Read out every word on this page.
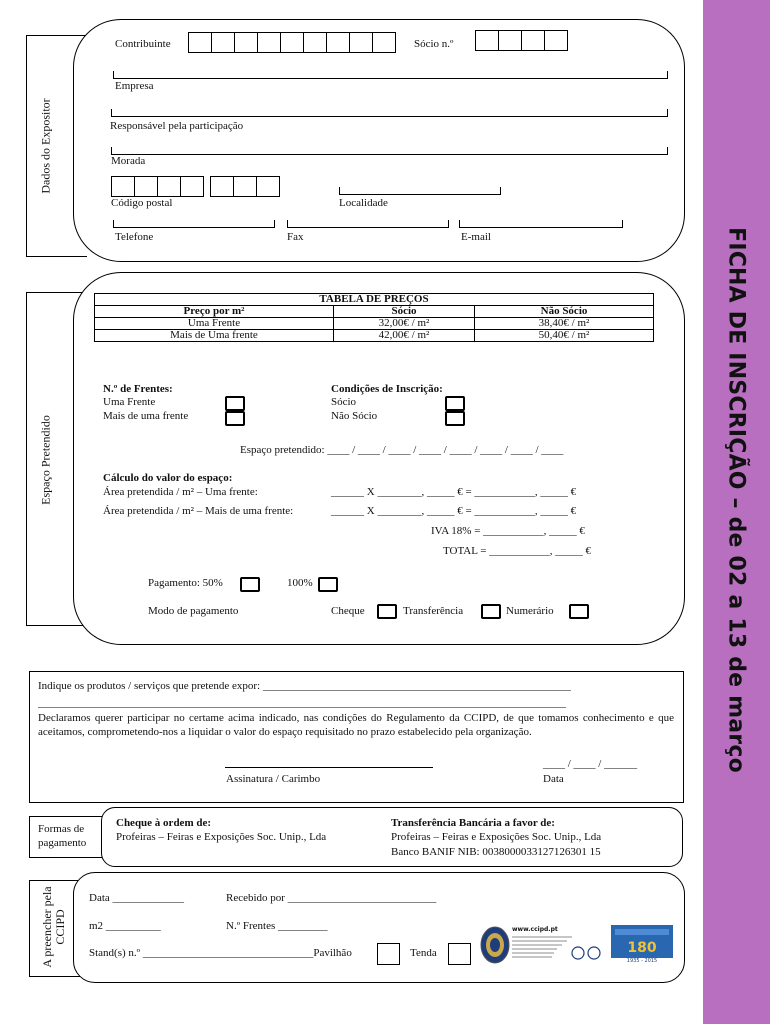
FICHA DE INSCRIÇÃO – de 02 a 13 de março
Dados do Expositor
Contribuinte	Sócio n.º
Empresa
Responsável pela participação
Morada
Código postal	Localidade
Telefone	Fax	E-mail
Espaço Pretendido
TABELA DE PREÇOS		
Preço por m²	Sócio	Não Sócio
Uma Frente	32,00€ / m²	38,40€ / m²
Mais de Uma frente	42,00€ / m²	50,40€ / m²
N.º de Frentes:
Uma Frente
Mais de uma frente
Condições de Inscrição:
Sócio
Não Sócio
Espaço pretendido: ____ / ____ / ____ / ____ / ____ / ____ / ____ / ____
Cálculo do valor do espaço:
Área pretendida / m² – Uma frente:	______ X ________, _____ € = ___________, _____ €
Área pretendida / m² – Mais de uma frente:	______ X ________, _____ € = ___________, _____ €
IVA 18% = ___________, _____ €
TOTAL = ___________, _____ €
Pagamento: 50%	100%
Modo de pagamento	Cheque	Transferência	Numerário
Indique os produtos / serviços que pretende expor: ________________________________________________________
________________________________________________________________________________________________
Declaramos querer participar no certame acima indicado, nas condições do Regulamento da CCIPD, de que tomamos conhecimento e que aceitamos, comprometendo-nos a liquidar o valor do espaço requisitado no prazo estabelecido pela organização.
Assinatura / Carimbo
____ / ____ / ______
Data
Formas de pagamento
Cheque à ordem de:
Profeiras – Feiras e Exposições Soc. Unip., Lda
Transferência Bancária a favor de:
Profeiras – Feiras e Exposições Soc. Unip., Lda
Banco BANIF NIB: 0038000033127126301 15
A preencher pela CCIPD
Data _____________	Recebido por ___________________________
m2 __________	N.º Frentes _________
Stand(s) n.º _______________________________Pavilhão	Tenda
www.ccipd.pt
180
1935 - 2015
